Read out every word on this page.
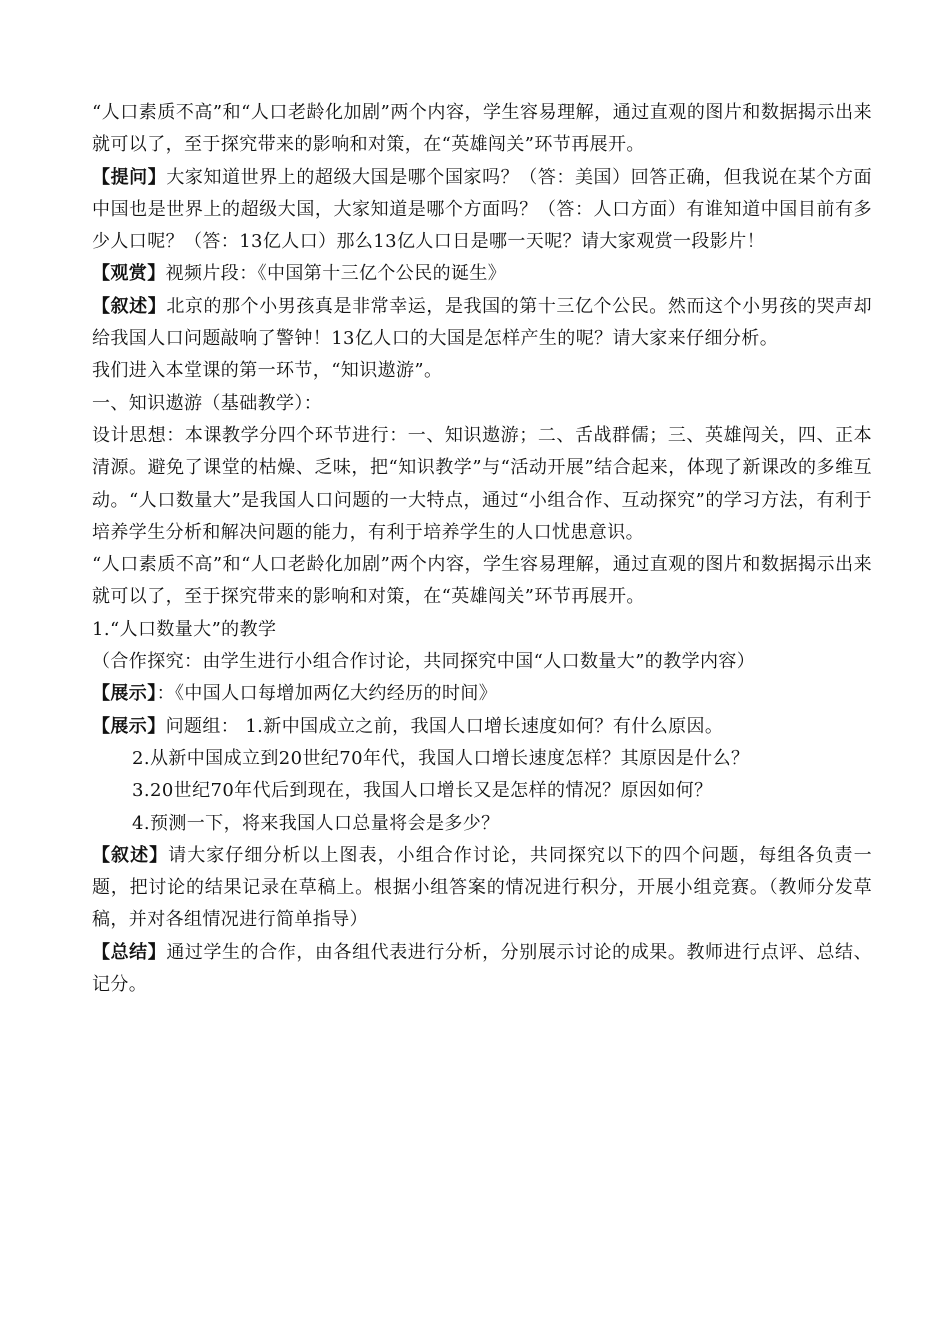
“人口素质不高”和“人口老龄化加剧”两个内容，学生容易理解，通过直观的图片和数据揭示出来就可以了，至于探究带来的影响和对策，在“英雄闯关”环节再展开。

【提问】大家知道世界上的超级大国是哪个国家吗？（答：美国）回答正确，但我说在某个方面中国也是世界上的超级大国，大家知道是哪个方面吗？（答：人口方面）有谁知道中国目前有多少人口呢？（答：13亿人口）那么13亿人口日是哪一天呢？请大家观赏一段影片！

【观赏】视频片段：《中国第十三亿个公民的诞生》

【叙述】北京的那个小男孩真是非常幸运，是我国的第十三亿个公民。然而这个小男孩的哭声却给我国人口问题敲响了警钟！13亿人口的大国是怎样产生的呢？请大家来仔细分析。

我们进入本堂课的第一环节，“知识遨游”。

一、知识遨游（基础教学）：

设计思想：本课教学分四个环节进行：一、知识遨游；二、舌战群儒；三、英雄闯关，四、正本清源。避免了课堂的枯燥、乏味，把“知识教学”与“活动开展”结合起来，体现了新课改的多维互动。“人口数量大”是我国人口问题的一大特点，通过“小组合作、互动探究”的学习方法，有利于培养学生分析和解决问题的能力，有利于培养学生的人口忧患意识。

“人口素质不高”和“人口老龄化加剧”两个内容，学生容易理解，通过直观的图片和数据揭示出来就可以了，至于探究带来的影响和对策，在“英雄闯关”环节再展开。

1.“人口数量大”的教学

（合作探究：由学生进行小组合作讨论，共同探究中国“人口数量大”的教学内容）

【展示】：《中国人口每增加两亿大约经历的时间》

【展示】问题组： 1.新中国成立之前，我国人口增长速度如何？有什么原因。

2.从新中国成立到20世纪70年代，我国人口增长速度怎样？其原因是什么？

3.20世纪70年代后到现在，我国人口增长又是怎样的情况？原因如何？

4.预测一下，将来我国人口总量将会是多少？

【叙述】请大家仔细分析以上图表，小组合作讨论，共同探究以下的四个问题，每组各负责一题，把讨论的结果记录在草稿上。根据小组答案的情况进行积分，开展小组竞赛。（教师分发草稿，并对各组情况进行简单指导）

【总结】通过学生的合作，由各组代表进行分析，分别展示讨论的成果。教师进行点评、总结、记分。
